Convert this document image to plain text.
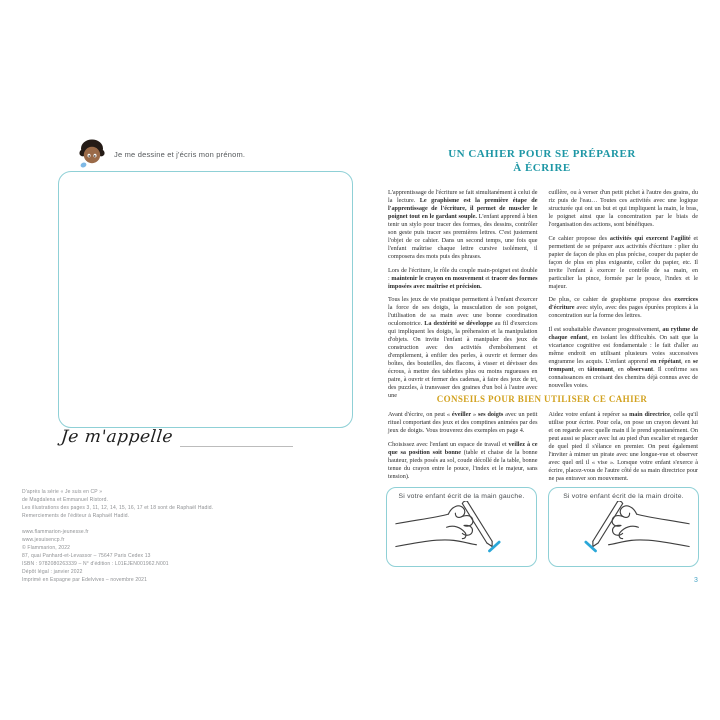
Je me dessine et j'écris mon prénom.
Je m'appelle
D'après la série « Je suis en CP »
de Magdalena et Emmanuel Ristord.
Les illustrations des pages 3, 11, 12, 14, 15, 16, 17 et 18 sont de Raphaël Hadid.
Remerciements de l'éditeur à Raphaël Hadid.
www.flammarion-jeunesse.fr
www.jesuisencp.fr
© Flammarion, 2022
87, quai Panhard-et-Levassor – 75647 Paris Cedex 13
ISBN : 9782080263339 – N° d'édition : L01EJEN001962.N001
Dépôt légal : janvier 2022
Imprimé en Espagne par Edelvives – novembre 2021
UN CAHIER POUR SE PRÉPARER
À ÉCRIRE

L'apprentissage de l'écriture se fait simultanément à celui de la lecture. Le graphisme est la première étape de l'apprentissage de l'écriture, il permet de muscler le poignet tout en le gardant souple. L'enfant apprend à bien tenir un stylo pour tracer des formes, des dessins, contrôler son geste puis tracer ses premières lettres. C'est justement l'objet de ce cahier. Dans un second temps, une fois que l'enfant maîtrise chaque lettre cursive isolément, il composera des mots puis des phrases.

Lors de l'écriture, le rôle du couple main-poignet est double : maintenir le crayon en mouvement et tracer des formes imposées avec maîtrise et précision.

Tous les jeux de vie pratique permettent à l'enfant d'exercer la force de ses doigts, la musculation de son poignet, l'utilisation de sa main avec une bonne coordination oculomotrice. La dextérité se développe au fil d'exercices qui impliquent les doigts, la préhension et la manipulation d'objets. On invite l'enfant à manipuler des jeux de construction avec des activités d'emboîtement et d'empilement, à enfiler des perles, à ouvrir et fermer des boîtes, des bouteilles, des flacons, à visser et dévisser des écrous, à mettre des tablettes plus ou moins rugueuses en paire, à ouvrir et fermer des cadenas, à faire des jeux de tri, des puzzles, à transvaser des graines d'un bol à l'autre avec une

cuillère, ou à verser d'un petit pichet à l'autre des grains, du riz puis de l'eau… Toutes ces activités avec une logique structurée qui ont un but et qui impliquent la main, le bras, le poignet ainsi que la concentration par le biais de l'organisation des actions, sont bénéfiques.

Ce cahier propose des activités qui exercent l'agilité et permettent de se préparer aux activités d'écriture : plier du papier de façon de plus en plus précise, couper du papier de façon de plus en plus exigeante, coller du papier, etc. Il invite l'enfant à exercer le contrôle de sa main, en particulier la pince, formée par le pouce, l'index et le majeur.

De plus, ce cahier de graphisme propose des exercices d'écriture avec stylo, avec des pages épurées propices à la concentration sur la forme des lettres.

Il est souhaitable d'avancer progressivement, au rythme de chaque enfant, en isolant les difficultés. On sait que la vicariance cognitive est fondamentale : le fait d'aller au même endroit en utilisant plusieurs voies successives engramme les acquis. L'enfant apprend en répétant, en se trompant, en tâtonnant, en observant. Il confirme ses connaissances en croisant des chemins déjà connus avec de nouvelles voies.

CONSEILS POUR BIEN UTILISER CE CAHIER

Avant d'écrire, on peut « éveiller » ses doigts avec un petit rituel comportant des jeux et des comptines animées par des jeux de doigts. Vous trouverez des exemples en page 4.

Choisissez avec l'enfant un espace de travail et veillez à ce que sa position soit bonne (table et chaise de la bonne hauteur, pieds posés au sol, coude décollé de la table, bonne tenue du crayon entre le pouce, l'index et le majeur, sans tension).

Aidez votre enfant à repérer sa main directrice, celle qu'il utilise pour écrire. Pour cela, on pose un crayon devant lui et on regarde avec quelle main il le prend spontanément. On peut aussi se placer avec lui au pied d'un escalier et regarder de quel pied il s'élance en premier. On peut également l'inviter à mimer un pirate avec une longue-vue et observer avec quel œil il « vise ». Lorsque votre enfant s'exerce à écrire, placez-vous de l'autre côté de sa main directrice pour ne pas entraver son mouvement.

Si votre enfant écrit de la main gauche.	Si votre enfant écrit de la main droite.
3
